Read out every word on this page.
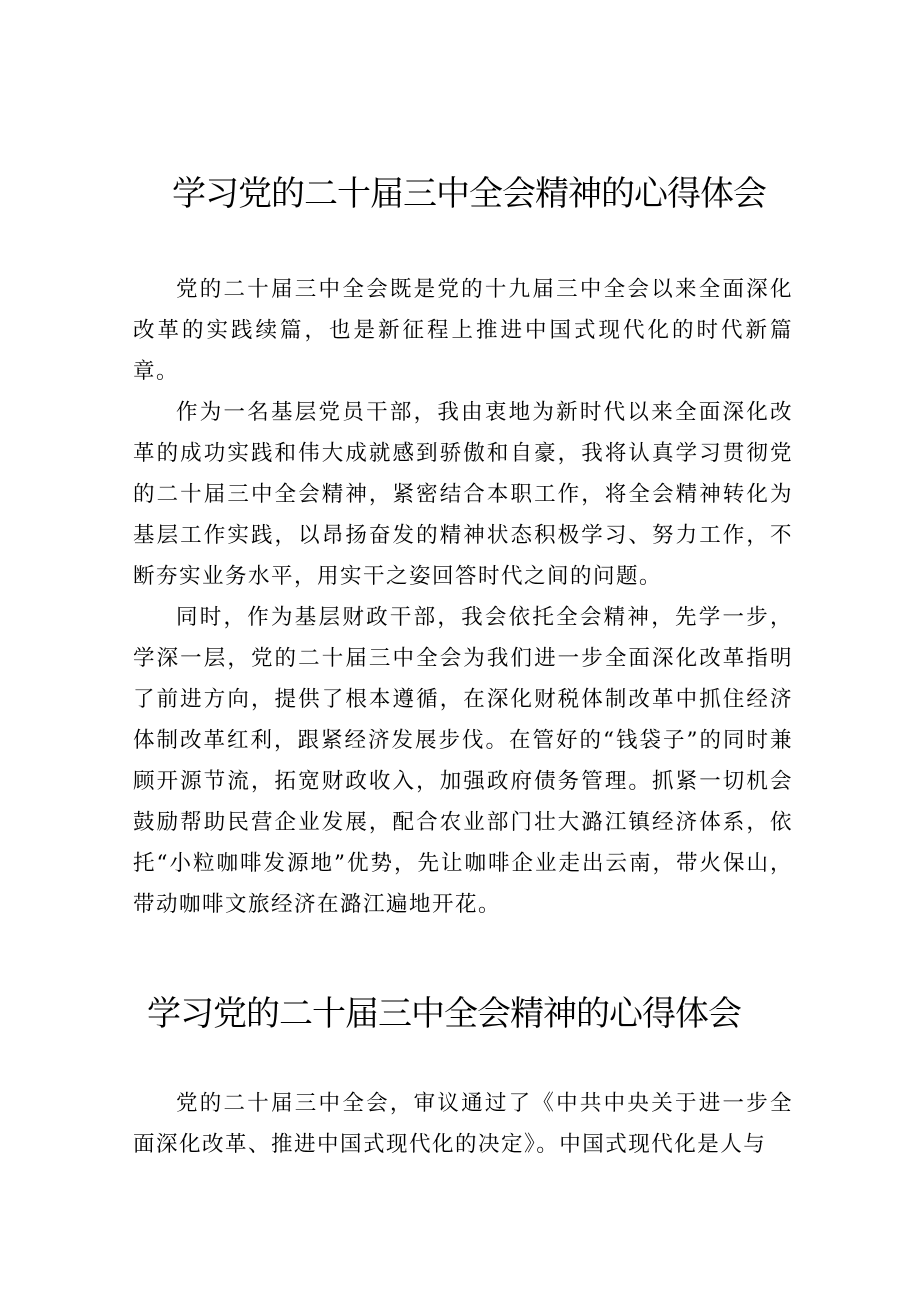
学习党的二十届三中全会精神的心得体会

党的二十届三中全会既是党的十九届三中全会以来全面深化改革的实践续篇，也是新征程上推进中国式现代化的时代新篇章。

作为一名基层党员干部，我由衷地为新时代以来全面深化改革的成功实践和伟大成就感到骄傲和自豪，我将认真学习贯彻党的二十届三中全会精神，紧密结合本职工作，将全会精神转化为基层工作实践，以昂扬奋发的精神状态积极学习、努力工作，不断夯实业务水平，用实干之姿回答时代之间的问题。

同时，作为基层财政干部，我会依托全会精神，先学一步，学深一层，党的二十届三中全会为我们进一步全面深化改革指明了前进方向，提供了根本遵循，在深化财税体制改革中抓住经济体制改革红利，跟紧经济发展步伐。在管好的“钱袋子”的同时兼顾开源节流，拓宽财政收入，加强政府债务管理。抓紧一切机会鼓励帮助民营企业发展，配合农业部门壮大潞江镇经济体系，依托“小粒咖啡发源地”优势，先让咖啡企业走出云南，带火保山，带动咖啡文旅经济在潞江遍地开花。

学习党的二十届三中全会精神的心得体会

党的二十届三中全会，审议通过了《中共中央关于进一步全面深化改革、推进中国式现代化的决定》。中国式现代化是人与
